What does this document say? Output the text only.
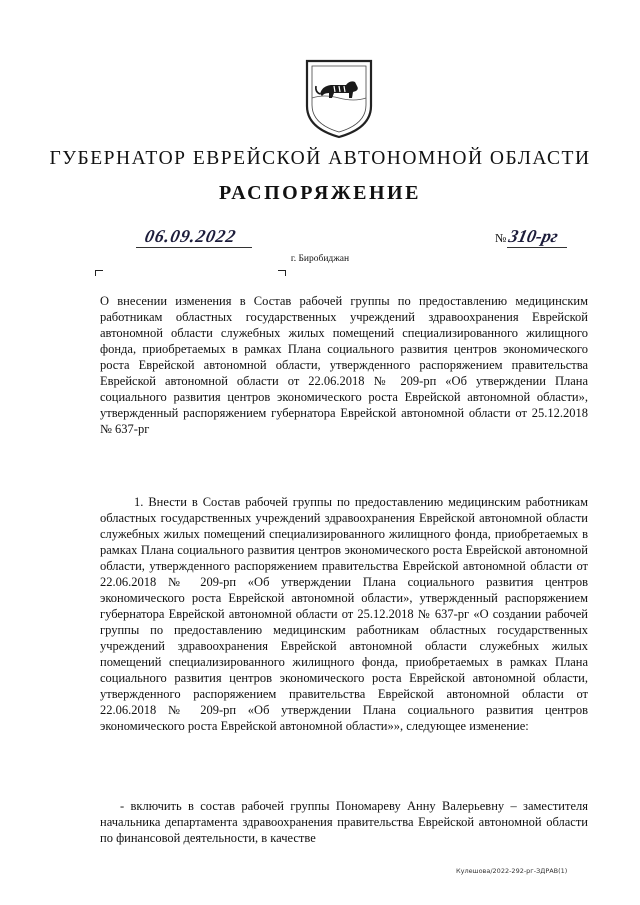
ГУБЕРНАТОР ЕВРЕЙСКОЙ АВТОНОМНОЙ ОБЛАСТИ
РАСПОРЯЖЕНИЕ
06.09.2022	№310-рг
г. Биробиджан

О внесении изменения в Состав рабочей группы по предоставлению медицинским работникам областных государственных учреждений здравоохранения Еврейской автономной области служебных жилых помещений специализированного жилищного фонда, приобретаемых в рамках Плана социального развития центров экономического роста Еврейской автономной области, утвержденного распоряжением правительства Еврейской автономной области от 22.06.2018 № 209-рп «Об утверждении Плана социального развития центров экономического роста Еврейской автономной области», утвержденный распоряжением губернатора Еврейской автономной области от 25.12.2018 № 637-рг

1. Внести в Состав рабочей группы по предоставлению медицинским работникам областных государственных учреждений здравоохранения Еврейской автономной области служебных жилых помещений специализированного жилищного фонда, приобретаемых в рамках Плана социального развития центров экономического роста Еврейской автономной области, утвержденного распоряжением правительства Еврейской автономной области от 22.06.2018 № 209-рп «Об утверждении Плана социального развития центров экономического роста Еврейской автономной области», утвержденный распоряжением губернатора Еврейской автономной области от 25.12.2018 № 637-рг «О создании рабочей группы по предоставлению медицинским работникам областных государственных учреждений здравоохранения Еврейской автономной области служебных жилых помещений специализированного жилищного фонда, приобретаемых в рамках Плана социального развития центров экономического роста Еврейской автономной области, утвержденного распоряжением правительства Еврейской автономной области от 22.06.2018 № 209-рп «Об утверждении Плана социального развития центров экономического роста Еврейской автономной области»», следующее изменение:

- включить в состав рабочей группы Пономареву Анну Валерьевну – заместителя начальника департамента здравоохранения правительства Еврейской автономной области по финансовой деятельности, в качестве

Кулешова/2022-292-рг-ЗДРАВ(1)
